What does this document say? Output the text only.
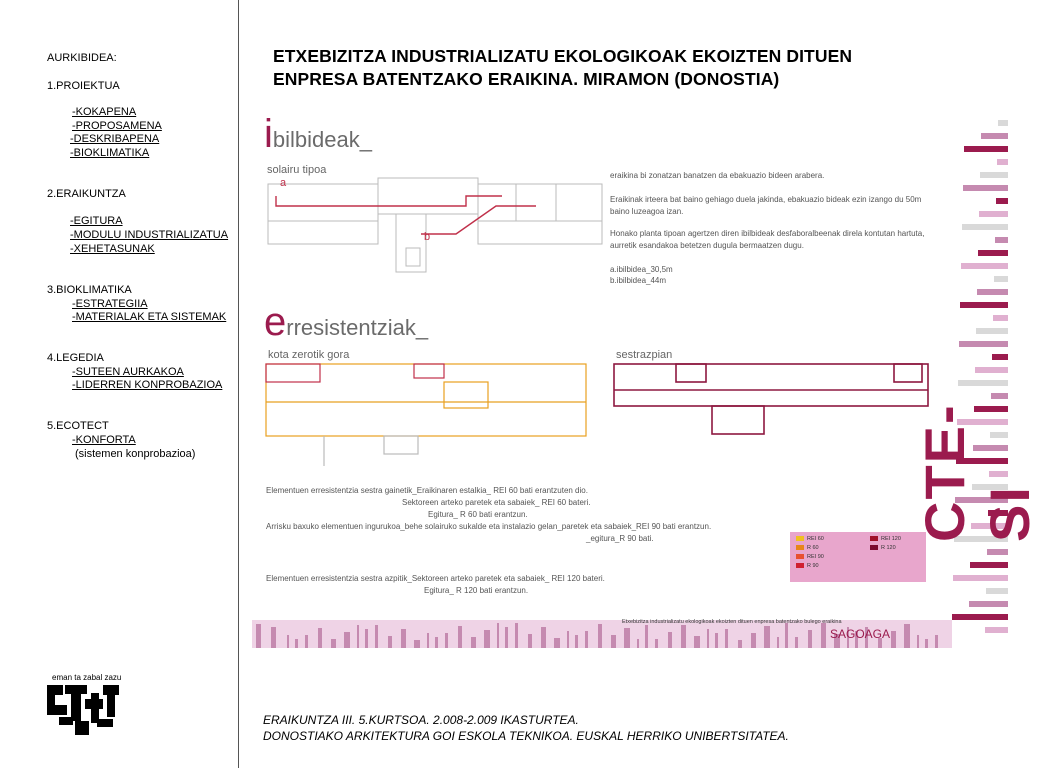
AURKIBIDEA:
1.PROIEKTUA
-KOKAPENA
-PROPOSAMENA
-DESKRIBAPENA
-BIOKLIMATIKA
2.ERAIKUNTZA
-EGITURA
-MODULU INDUSTRIALIZATUA
-XEHETASUNAK
3.BIOKLIMATIKA
-ESTRATEGIIA
-MATERIALAK ETA SISTEMAK
4.LEGEDIA
-SUTEEN AURKAKOA
-LIDERREN KONPROBAZIOA
5.ECOTECT
-KONFORTA
(sistemen konprobazioa)
eman ta zabal zazu
ETXEBIZITZA INDUSTRIALIZATU EKOLOGIKOAK EKOIZTEN DITUEN
ENPRESA BATENTZAKO ERAIKINA. MIRAMON (DONOSTIA)
ibilbideak_
solairu tipoa
a
b
eraikina bi zonatzan banatzen da ebakuazio bideen arabera.
Eraikinak irteera bat baino gehiago duela jakinda, ebakuazio bideak ezin izango du 50m baino luzeagoa izan.
Honako planta tipoan agertzen diren ibilbideak desfaboralbeenak direla kontutan hartuta, aurretik esandakoa betetzen dugula bermaatzen dugu.
a.ibilbidea_30,5m
b.ibilbidea_44m
erresistentziak_
kota zerotik gora	sestrazpian
Elementuen erresistentzia sestra gainetik_Eraikinaren estalkia_ REI 60 bati erantzuten dio.
Sektoreen arteko paretek eta sabaiek_ REI 60 bateri.
Egitura_ R 60 bati erantzun.
Arrisku baxuko elementuen ingurukoa_behe solairuko sukalde eta instalazio gelan_paretek eta sabaiek_REI 90 bati erantzun.
_egitura_R 90 bati.
Elementuen erresistentzia sestra azpitik_Sektoreen arteko paretek eta sabaiek_ REI 120 bateri.
Egitura_ R 120 bati erantzun.
REI 60
R 60
REI 90
R 90
REI 120
R 120
Etxebizitza industrializatu ekologikoak ekoizten dituen enpresa batentzako bulego eraikina
SAGOAGA
CTE-SI
ERAIKUNTZA III. 5.KURTSOA. 2.008-2.009 IKASTURTEA.
DONOSTIAKO ARKITEKTURA GOI ESKOLA TEKNIKOA. EUSKAL HERRIKO UNIBERTSITATEA.
